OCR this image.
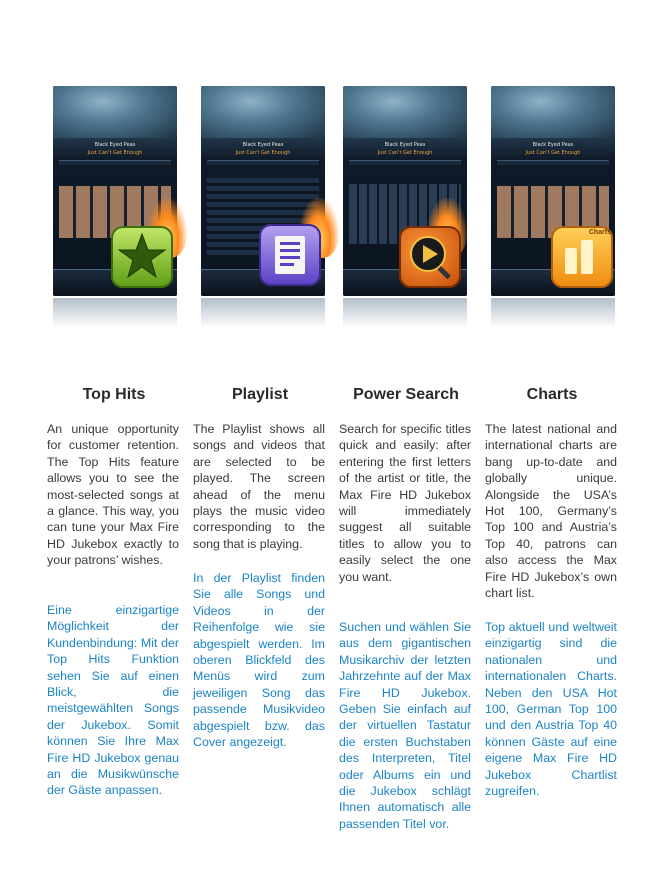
Black Eyed Peas
Just Can't Get Enough
Top Hits

An unique opportunity for customer retention. The Top Hits feature allows you to see the most-selected songs at a glance. This way, you can tune your Max Fire HD Jukebox exactly to your patrons’ wishes.

Eine einzigartige Möglichkeit der Kundenbindung: Mit der Top Hits Funktion sehen Sie auf einen Blick, die meistgewählten Songs der Jukebox. Somit können Sie Ihre Max Fire HD Jukebox genau an die Musikwünsche der Gäste anpassen.

Black Eyed Peas
Just Can't Get Enough
Playlist

The Playlist shows all songs and videos that are selected to be played. The screen ahead of the menu plays the music video corresponding to the song that is playing.

In der Playlist finden Sie alle Songs und Videos in der Reihenfolge wie sie abgespielt werden. Im oberen Blickfeld des Menüs wird zum jeweiligen Song das passende Musikvideo abgespielt bzw. das Cover angezeigt.

Black Eyed Peas
Just Can't Get Enough
Power Search

Search for specific titles quick and easily: after entering the first letters of the artist or title, the Max Fire HD Jukebox will immediately suggest all suitable titles to allow you to easily select the one you want.

Suchen und wählen Sie aus dem gigantischen Musikarchiv der letzten Jahrzehnte auf der Max Fire HD Jukebox. Geben Sie einfach auf der virtuellen Tastatur die ersten Buchstaben des Interpreten, Titel oder Albums ein und die Jukebox schlägt Ihnen automatisch alle passenden Titel vor.

Black Eyed Peas
Just Can't Get Enough
Charts
Charts

The latest national and international charts are bang up-to-date and globally unique. Alongside the USA’s Hot 100, Germany’s Top 100 and Austria’s Top 40, patrons can also access the Max Fire HD Jukebox’s own chart list.

Top aktuell und weltweit einzigartig sind die nationalen und internationalen Charts. Neben den USA Hot 100, German Top 100 und den Austria Top 40 können Gäste auf eine eigene Max Fire HD Jukebox Chartlist zugreifen.
